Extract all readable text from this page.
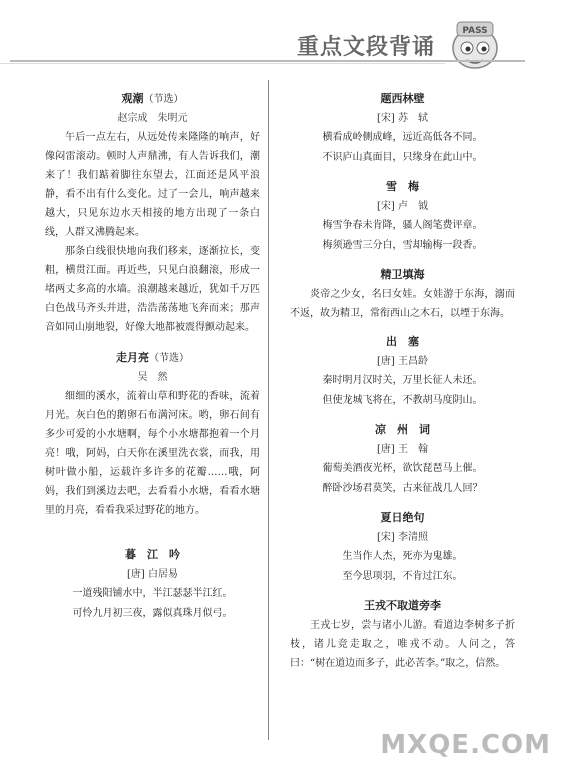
重点文段背诵
PASS
观潮（节选）
赵宗成　朱明元

午后一点左右，从远处传来隆隆的响声，好像闷雷滚动。顿时人声鼎沸，有人告诉我们，潮来了！我们踮着脚往东望去，江面还是风平浪静，看不出有什么变化。过了一会儿，响声越来越大，只见东边水天相接的地方出现了一条白线，人群又沸腾起来。

那条白线很快地向我们移来，逐渐拉长，变粗，横贯江面。再近些，只见白浪翻滚，形成一堵两丈多高的水墙。浪潮越来越近，犹如千万匹白色战马齐头并进，浩浩荡荡地飞奔而来；那声音如同山崩地裂，好像大地都被震得颤动起来。

走月亮（节选）
吴　然

细细的溪水，流着山草和野花的香味，流着月光。灰白色的鹅卵石布满河床。哟，卵石间有多少可爱的小水塘啊，每个小水塘都抱着一个月亮！哦，阿妈，白天你在溪里洗衣裳，而我，用树叶做小船，运载许多许多的花瓣……哦，阿妈，我们到溪边去吧，去看看小水塘，看看水塘里的月亮，看看我采过野花的地方。

暮　江　吟
[唐] 白居易

一道残阳铺水中，半江瑟瑟半江红。

可怜九月初三夜，露似真珠月似弓。

题西林壁
[宋] 苏　轼

横看成岭侧成峰，远近高低各不同。

不识庐山真面目，只缘身在此山中。

雪　梅
[宋] 卢　钺

梅雪争春未肯降，骚人阁笔费评章。

梅须逊雪三分白，雪却输梅一段香。

精卫填海

炎帝之少女，名曰女娃。女娃游于东海，溺而不返，故为精卫，常衔西山之木石，以堙于东海。

出　塞
[唐] 王昌龄

秦时明月汉时关，万里长征人未还。

但使龙城飞将在，不教胡马度阴山。

凉　州　词
[唐] 王　翰

葡萄美酒夜光杯，欲饮琵琶马上催。

醉卧沙场君莫笑，古来征战几人回？

夏日绝句
[宋] 李清照

生当作人杰，死亦为鬼雄。

至今思项羽，不肯过江东。

王戎不取道旁李

王戎七岁，尝与诸小儿游。看道边李树多子折枝，诸儿竞走取之，唯戎不动。人问之，答曰：“树在道边而多子，此必苦李。”取之，信然。

MXQE.COM
